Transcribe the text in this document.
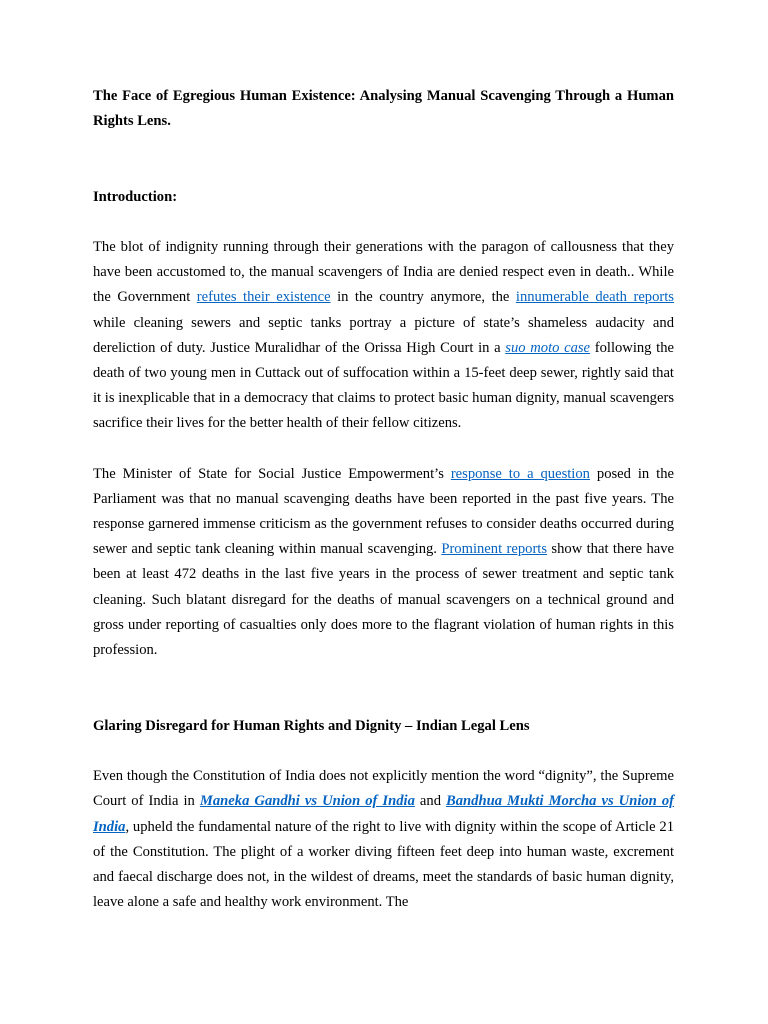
The Face of Egregious Human Existence: Analysing Manual Scavenging Through a Human Rights Lens.
Introduction:

The blot of indignity running through their generations with the paragon of callousness that they have been accustomed to, the manual scavengers of India are denied respect even in death.. While the Government refutes their existence in the country anymore, the innumerable death reports while cleaning sewers and septic tanks portray a picture of state’s shameless audacity and dereliction of duty. Justice Muralidhar of the Orissa High Court in a suo moto case following the death of two young men in Cuttack out of suffocation within a 15-feet deep sewer, rightly said that it is inexplicable that in a democracy that claims to protect basic human dignity, manual scavengers sacrifice their lives for the better health of their fellow citizens.

The Minister of State for Social Justice Empowerment’s response to a question posed in the Parliament was that no manual scavenging deaths have been reported in the past five years. The response garnered immense criticism as the government refuses to consider deaths occurred during sewer and septic tank cleaning within manual scavenging. Prominent reports show that there have been at least 472 deaths in the last five years in the process of sewer treatment and septic tank cleaning. Such blatant disregard for the deaths of manual scavengers on a technical ground and gross under reporting of casualties only does more to the flagrant violation of human rights in this profession.

Glaring Disregard for Human Rights and Dignity – Indian Legal Lens

Even though the Constitution of India does not explicitly mention the word “dignity”, the Supreme Court of India in Maneka Gandhi vs Union of India and Bandhua Mukti Morcha vs Union of India, upheld the fundamental nature of the right to live with dignity within the scope of Article 21 of the Constitution. The plight of a worker diving fifteen feet deep into human waste, excrement and faecal discharge does not, in the wildest of dreams, meet the standards of basic human dignity, leave alone a safe and healthy work environment. The
